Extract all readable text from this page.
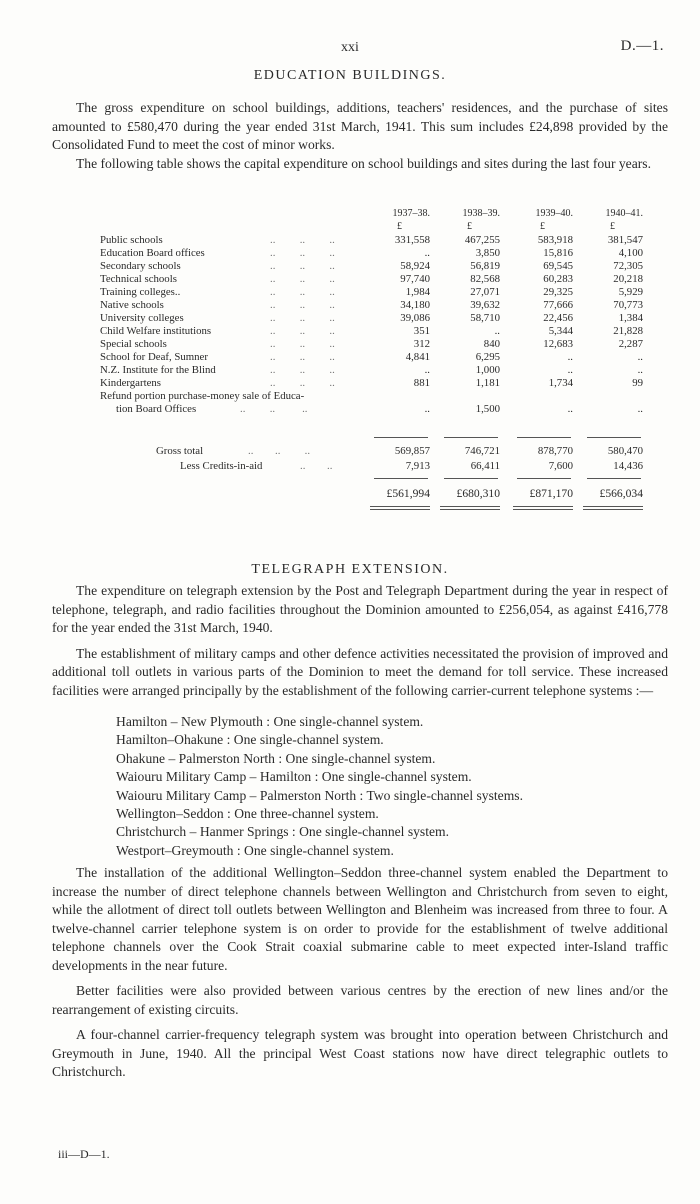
xxi	D.—1.
EDUCATION BUILDINGS.

The gross expenditure on school buildings, additions, teachers' residences, and the purchase of sites amounted to £580,470 during the year ended 31st March, 1941. This sum includes £24,898 provided by the Consolidated Fund to meet the cost of minor works.

The following table shows the capital expenditure on school buildings and sites during the last four years.

1937–38.	1938–39.	1939–40.	1940–41.
£	£	£	£
Public schools	..         ..         ..	331,558	467,255	583,918	381,547
Education Board offices	..         ..         ..	..	3,850	15,816	4,100
Secondary schools	..         ..         ..	58,924	56,819	69,545	72,305
Technical schools	..         ..         ..	97,740	82,568	60,283	20,218
Training colleges..	..         ..         ..	1,984	27,071	29,325	5,929
Native schools	..         ..         ..	34,180	39,632	77,666	70,773
University colleges	..         ..         ..	39,086	58,710	22,456	1,384
Child Welfare institutions	..         ..         ..	351	..	5,344	21,828
Special schools	..         ..         ..	312	840	12,683	2,287
School for Deaf, Sumner	..         ..         ..	4,841	6,295	..	..
N.Z. Institute for the Blind	..         ..         ..	..	1,000	..	..
Kindergartens	..         ..         ..	881	1,181	1,734	99
Refund portion purchase-money sale of Educa-
tion Board Offices	..         ..          ..	..	1,500	..	..
Gross total	..        ..         ..	569,857	746,721	878,770	580,470
Less Credits-in-aid	..        ..	7,913	66,411	7,600	14,436
£561,994	£680,310	£871,170	£566,034
TELEGRAPH EXTENSION.

The expenditure on telegraph extension by the Post and Telegraph Department during the year in respect of telephone, telegraph, and radio facilities throughout the Dominion amounted to £256,054, as against £416,778 for the year ended the 31st March, 1940.

The establishment of military camps and other defence activities necessitated the provision of improved and additional toll outlets in various parts of the Dominion to meet the demand for toll service. These increased facilities were arranged principally by the establishment of the following carrier-current telephone systems :—

Hamilton – New Plymouth : One single-channel system.
Hamilton–Ohakune : One single-channel system.
Ohakune – Palmerston North : One single-channel system.
Waiouru Military Camp – Hamilton : One single-channel system.
Waiouru Military Camp – Palmerston North : Two single-channel systems.
Wellington–Seddon : One three-channel system.
Christchurch – Hanmer Springs : One single-channel system.
Westport–Greymouth : One single-channel system.

The installation of the additional Wellington–Seddon three-channel system enabled the Department to increase the number of direct telephone channels between Wellington and Christchurch from seven to eight, while the allotment of direct toll outlets between Wellington and Blenheim was increased from three to four. A twelve-channel carrier telephone system is on order to provide for the establishment of twelve additional telephone channels over the Cook Strait coaxial submarine cable to meet expected inter-Island traffic developments in the near future.

Better facilities were also provided between various centres by the erection of new lines and/or the rearrangement of existing circuits.

A four-channel carrier-frequency telegraph system was brought into operation between Christchurch and Greymouth in June, 1940. All the principal West Coast stations now have direct telegraphic outlets to Christchurch.

iii—D—1.
